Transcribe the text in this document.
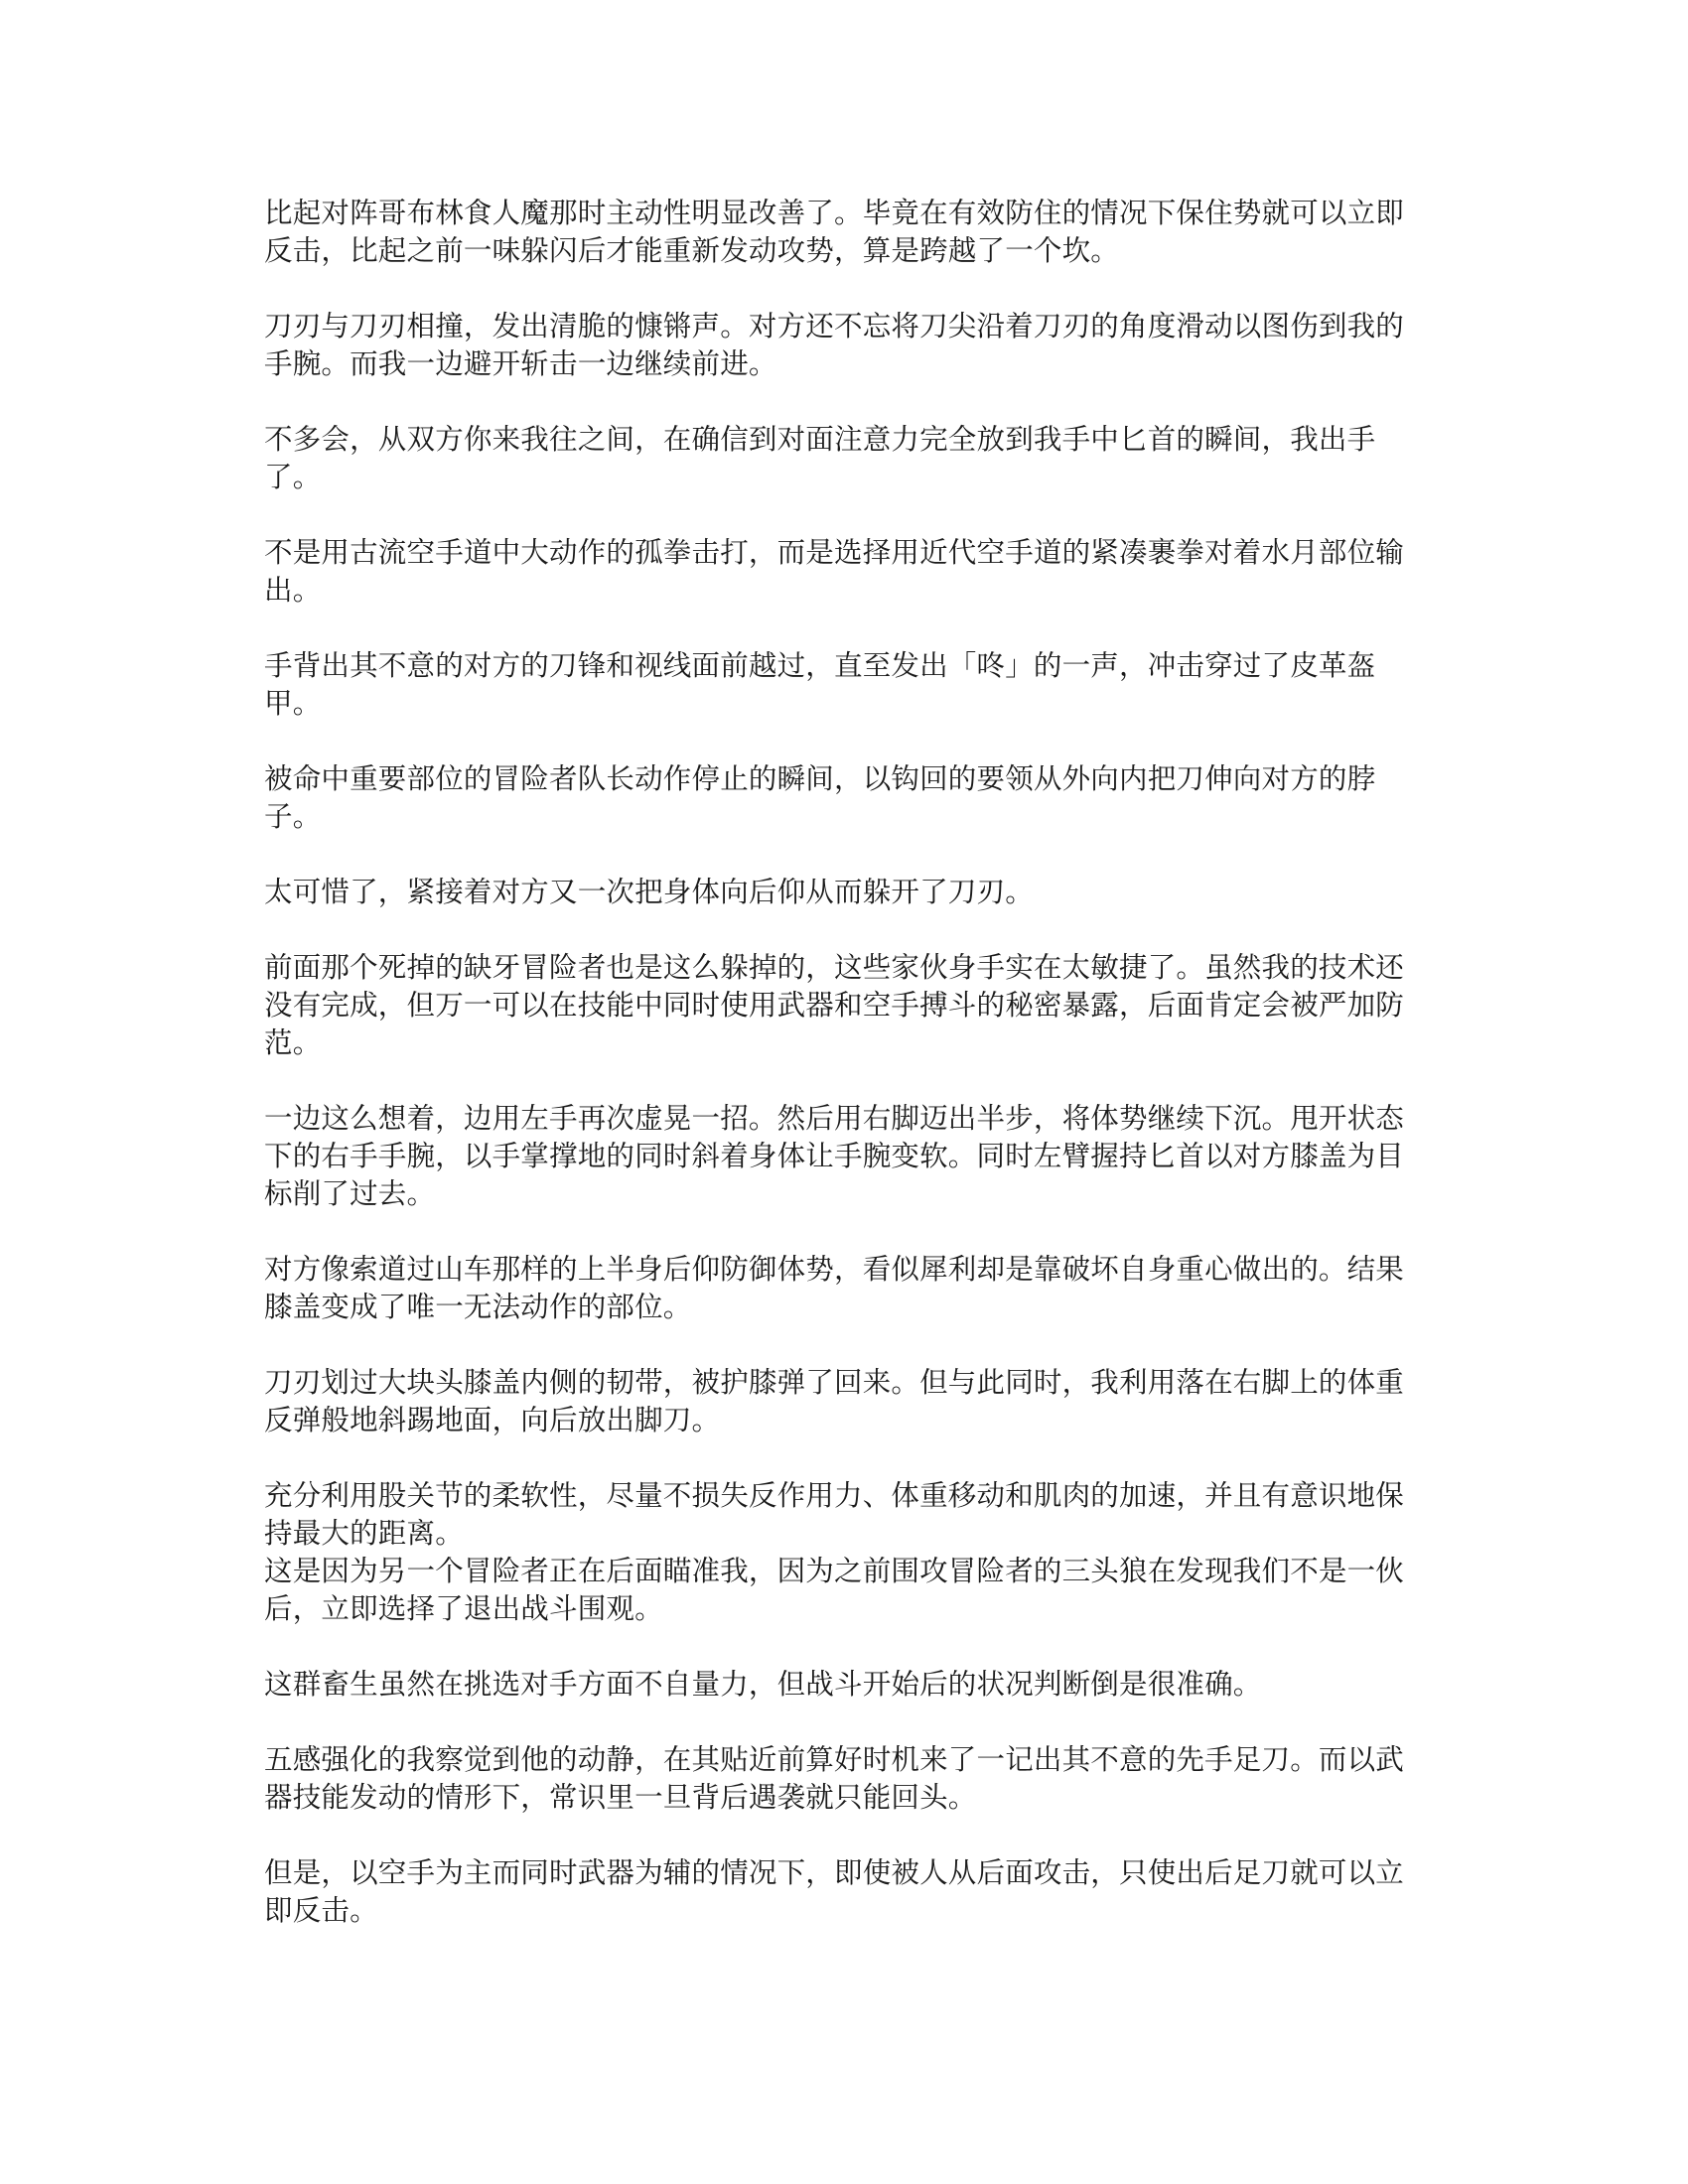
比起对阵哥布林食人魔那时主动性明显改善了。毕竟在有效防住的情况下保住势就可以立即反击，比起之前一味躲闪后才能重新发动攻势，算是跨越了一个坎。

刀刃与刀刃相撞，发出清脆的慷锵声。对方还不忘将刀尖沿着刀刃的角度滑动以图伤到我的手腕。而我一边避开斩击一边继续前进。

不多会，从双方你来我往之间，在确信到对面注意力完全放到我手中匕首的瞬间，我出手了。

不是用古流空手道中大动作的孤拳击打，而是选择用近代空手道的紧凑裹拳对着水月部位输出。

手背出其不意的对方的刀锋和视线面前越过，直至发出「咚」的一声，冲击穿过了皮革盔甲。

被命中重要部位的冒险者队长动作停止的瞬间，以钩回的要领从外向内把刀伸向对方的脖子。

太可惜了，紧接着对方又一次把身体向后仰从而躲开了刀刃。

前面那个死掉的缺牙冒险者也是这么躲掉的，这些家伙身手实在太敏捷了。虽然我的技术还没有完成，但万一可以在技能中同时使用武器和空手搏斗的秘密暴露，后面肯定会被严加防范。

一边这么想着，边用左手再次虚晃一招。然后用右脚迈出半步，将体势继续下沉。甩开状态下的右手手腕，以手掌撑地的同时斜着身体让手腕变软。同时左臂握持匕首以对方膝盖为目标削了过去。

对方像索道过山车那样的上半身后仰防御体势，看似犀利却是靠破坏自身重心做出的。结果膝盖变成了唯一无法动作的部位。

刀刃划过大块头膝盖内侧的韧带，被护膝弹了回来。但与此同时，我利用落在右脚上的体重反弹般地斜踢地面，向后放出脚刀。

充分利用股关节的柔软性，尽量不损失反作用力、体重移动和肌肉的加速，并且有意识地保持最大的距离。

这是因为另一个冒险者正在后面瞄准我，因为之前围攻冒险者的三头狼在发现我们不是一伙后，立即选择了退出战斗围观。

这群畜生虽然在挑选对手方面不自量力，但战斗开始后的状况判断倒是很准确。

五感强化的我察觉到他的动静，在其贴近前算好时机来了一记出其不意的先手足刀。而以武器技能发动的情形下，常识里一旦背后遇袭就只能回头。

但是，以空手为主而同时武器为辅的情况下，即使被人从后面攻击，只使出后足刀就可以立即反击。
